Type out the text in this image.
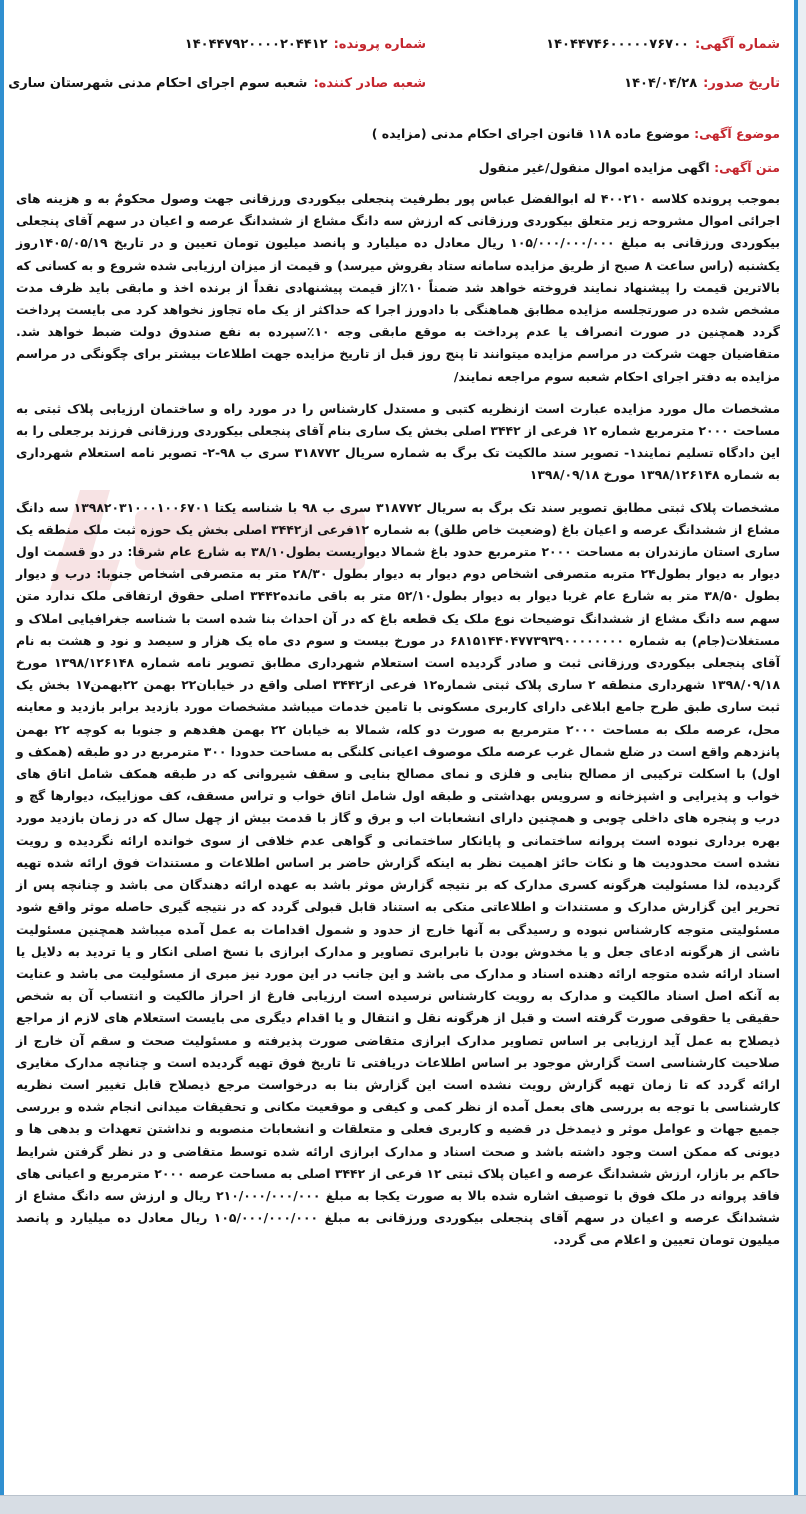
شماره آگهی:۱۴۰۴۴۷۴۶۰۰۰۰۰۷۶۷۰۰
شماره پرونده:۱۴۰۴۴۷۹۲۰۰۰۰۲۰۴۴۱۲
تاریخ صدور:۱۴۰۴/۰۴/۲۸
شعبه صادر کننده:شعبه سوم اجرای احکام مدنی شهرستان ساری
موضوع آگهی: موضوع ماده ۱۱۸ قانون اجرای احکام مدنی (مزایده )
متن آگهی: اگهی مزایده اموال منقول/غیر منقول

بموجب پرونده کلاسه ۴۰۰۲۱۰ له ابوالفضل عباس پور بطرفیت پنجعلی بیکوردی ورزقانی جهت وصول محکومٌ به و هزینه های اجرائی اموال مشروحه زیر متعلق بیکوردی ورزقانی که ارزش سه دانگ مشاع از ششدانگ عرصه و اعیان در سهم آقای پنجعلی بیکوردی ورزقانی به مبلغ ۱۰۵/۰۰۰/۰۰۰/۰۰۰ ریال معادل ده میلیارد و پانصد میلیون تومان تعیین و در تاریخ ۱۴۰۵/۰۵/۱۹روز یکشنبه (راس ساعت ۸ صبح از طریق مزایده سامانه ستاد بفروش میرسد) و قیمت از میزان ارزیابی شده شروع و به کسانی که بالاترین قیمت را پیشنهاد نمایند فروخته خواهد شد ضمناً ۱۰٪از قیمت پیشنهادی نقداً از برنده اخذ و مابقی باید ظرف مدت مشخص شده در صورتجلسه مزایده مطابق هماهنگی با دادورز اجرا که حداکثر از یک ماه تجاوز نخواهد کرد می بایست پرداخت گردد همچنین در صورت انصراف یا عدم پرداخت به موقع مابقی وجه ۱۰٪سپرده به نفع صندوق دولت ضبط خواهد شد. متقاضیان جهت شرکت در مراسم مزایده میتوانند تا پنج روز قبل از تاریخ مزایده جهت اطلاعات بیشتر برای چگونگی در مراسم مزایده به دفتر اجرای احکام شعبه سوم مراجعه نمایند/

مشخصات مال مورد مزایده عبارت است ازنظریه کتبی و مستدل کارشناس را در مورد راه و ساختمان ارزیابی پلاک ثبتی به مساحت ۲۰۰۰ مترمربع شماره ۱۲ فرعی از ۳۴۴۲ اصلی بخش یک ساری بنام آقای پنجعلی بیکوردی ورزقانی فرزند برجعلی را به این دادگاه تسلیم نمایند۱- تصویر سند مالکیت تک برگ به شماره سریال ۳۱۸۷۷۲ سری ب ۹۸-۲- تصویر نامه استعلام شهرداری به شماره ۱۳۹۸/۱۲۶۱۴۸ مورخ ۱۳۹۸/۰۹/۱۸

مشخصات پلاک ثبتی مطابق تصویر سند تک برگ به سریال ۳۱۸۷۷۲ سری ب ۹۸ با شناسه یکتا ۱۳۹۸۲۰۳۱۰۰۰۱۰۰۶۷۰۱ سه دانگ مشاع از ششدانگ عرصه و اعیان باغ (وضعیت خاص طلق) به شماره ۱۲فرعی از۳۴۴۲ اصلی بخش یک حوزه ثبت ملک منطقه یک ساری استان مازندران به مساحت ۲۰۰۰ مترمربع حدود باغ شمالا دیواریست بطول۳۸/۱۰ به شارع عام شرقا: در دو قسمت اول دیوار به دیوار بطول۲۴ متربه متصرفی اشخاص دوم دیوار به دیوار بطول ۲۸/۳۰ متر به متصرفی اشخاص جنوبا: درب و دیوار بطول ۳۸/۵۰ متر به شارع عام غربا دیوار به دیوار بطول۵۲/۱۰ متر به باقی مانده۳۴۴۲ اصلی حقوق ارتفاقی ملک ندارد متن سهم سه دانگ مشاع از ششدانگ توضیحات نوع ملک یک قطعه باغ که در آن احداث بنا شده است با شناسه جغرافیایی املاک و مستغلات(جام) به شماره ۶۸۱۵۱۴۴۰۴۷۷۳۹۳۹۰۰۰۰۰۰۰۰ در مورخ بیست و سوم دی ماه یک هزار و سیصد و نود و هشت به نام آقای پنجعلی بیکوردی ورزقانی ثبت و صادر گردیده است استعلام شهرداری مطابق تصویر نامه شماره ۱۳۹۸/۱۲۶۱۴۸ مورخ ۱۳۹۸/۰۹/۱۸ شهرداری منطقه ۲ ساری پلاک ثبتی شماره۱۲ فرعی از۳۴۴۲ اصلی واقع در خیابان۲۲ بهمن ۲۲بهمن۱۷ بخش یک ثبت ساری طبق طرح جامع ابلاغی دارای کاربری مسکونی با تامین خدمات میباشد مشخصات مورد بازدید برابر بازدید و معاینه محل، عرصه ملک به مساحت ۲۰۰۰ مترمربع به صورت دو کله، شمالا به خیابان ۲۲ بهمن هفدهم و جنوبا به کوچه ۲۲ بهمن پانزدهم واقع است در ضلع شمال غرب عرصه ملک موصوف اعیانی کلنگی به مساحت حدودا ۳۰۰ مترمربع در دو طبقه (همکف و اول) با اسکلت ترکیبی از مصالح بنایی و فلزی و نمای مصالح بنایی و سقف شیروانی که در طبقه همکف شامل اتاق های خواب و پذیرایی و اشپزخانه و سرویس بهداشتی و طبقه اول شامل اتاق خواب و تراس مسقف، کف موزاییک، دیوارها گچ و درب و پنجره های داخلی چوبی و همچنین دارای انشعابات اب و برق و گاز با قدمت بیش از چهل سال که در زمان بازدید مورد بهره برداری نبوده است پروانه ساختمانی و پایانکار ساختمانی و گواهی عدم خلافی از سوی خوانده ارائه نگردیده و رویت نشده است محدودیت ها و نکات حائز اهمیت نظر به اینکه گزارش حاضر بر اساس اطلاعات و مستندات فوق ارائه شده تهیه گردیده، لذا مسئولیت هرگونه کسری مدارک که بر نتیجه گزارش موثر باشد به عهده ارائه دهندگان می باشد و چنانچه پس از تحریر این گزارش مدارک و مستندات و اطلاعاتی متکی به استناد قابل قبولی گردد که در نتیجه گیری حاصله موثر واقع شود مسئولیتی متوجه کارشناس نبوده و رسیدگی به آنها خارج از حدود و شمول اقدامات به عمل آمده میباشد همچنین مسئولیت ناشی از هرگونه ادعای جعل و یا مخدوش بودن با نابرابری تصاویر و مدارک ابرازی با نسخ اصلی انکار و یا تردید به دلایل یا اسناد ارائه شده متوجه ارائه دهنده اسناد و مدارک می باشد و این جانب در این مورد نیز مبری از مسئولیت می باشد و عنایت به آنکه اصل اسناد مالکیت و مدارک به رویت کارشناس نرسیده است ارزیابی فارغ از احراز مالکیت و انتساب آن به شخص حقیقی یا حقوقی صورت گرفته است و قبل از هرگونه نقل و انتقال و یا اقدام دیگری می بایست استعلام های لازم از مراجع ذیصلاح به عمل آید ارزیابی بر اساس تصاویر مدارک ابرازی متقاضی صورت پذیرفته و مسئولیت صحت و سقم آن خارج از صلاحیت کارشناسی است گزارش موجود بر اساس اطلاعات دریافتی تا تاریخ فوق تهیه گردیده است و چنانچه مدارک مغایری ارائه گردد که تا زمان تهیه گزارش رویت نشده است این گزارش بنا به درخواست مرجع ذیصلاح قابل تغییر است نظریه کارشناسی با توجه به بررسی های بعمل آمده از نظر کمی و کیفی و موقعیت مکانی و تحقیقات میدانی انجام شده و بررسی جمیع جهات و عوامل موثر و ذیمدخل در قضیه و کاربری فعلی و متعلقات و انشعابات منصوبه و نداشتن تعهدات و بدهی ها و دیونی که ممکن است وجود داشته باشد و صحت اسناد و مدارک ابرازی ارائه شده توسط متقاضی و در نظر گرفتن شرایط حاکم بر بازار، ارزش ششدانگ عرصه و اعیان پلاک ثبتی ۱۲ فرعی از ۳۴۴۲ اصلی به مساحت عرصه ۲۰۰۰ مترمربع و اعیانی های فاقد پروانه در ملک فوق با توصیف اشاره شده بالا به صورت یکجا به مبلغ ۲۱۰/۰۰۰/۰۰۰/۰۰۰ ریال و ارزش سه دانگ مشاع از ششدانگ عرصه و اعیان در سهم آقای پنجعلی بیکوردی ورزقانی به مبلغ ۱۰۵/۰۰۰/۰۰۰/۰۰۰ ریال معادل ده میلیارد و پانصد میلیون تومان تعیین و اعلام می گردد.
